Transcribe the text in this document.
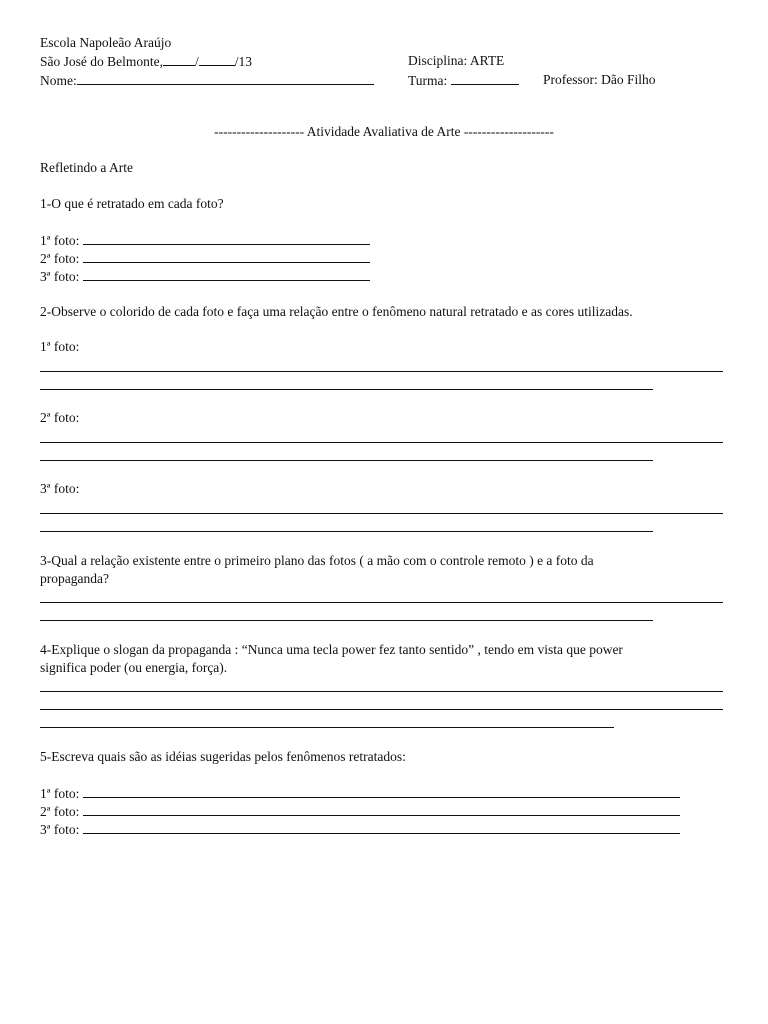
Escola Napoleão Araújo
São José do Belmonte, /	/13
Nome:
Disciplina: ARTE
Turma:	Professor: Dão Filho
-------------------- Atividade Avaliativa de Arte --------------------
Refletindo a Arte
1-O que é retratado em cada foto?
1ª foto:
2ª foto:
3ª foto:
2-Observe o colorido de cada foto e faça uma relação entre o fenômeno natural retratado e as cores utilizadas.
1ª foto:
2ª foto:
3ª foto:
3-Qual a relação existente entre o primeiro plano das fotos ( a mão com o controle remoto ) e a foto da
propaganda?
4-Explique o slogan da propaganda : “Nunca uma tecla power fez tanto sentido” , tendo em vista que power
significa poder (ou energia, força).
5-Escreva quais são as idéias sugeridas pelos fenômenos retratados:
1ª foto:
2ª foto:
3ª foto:
